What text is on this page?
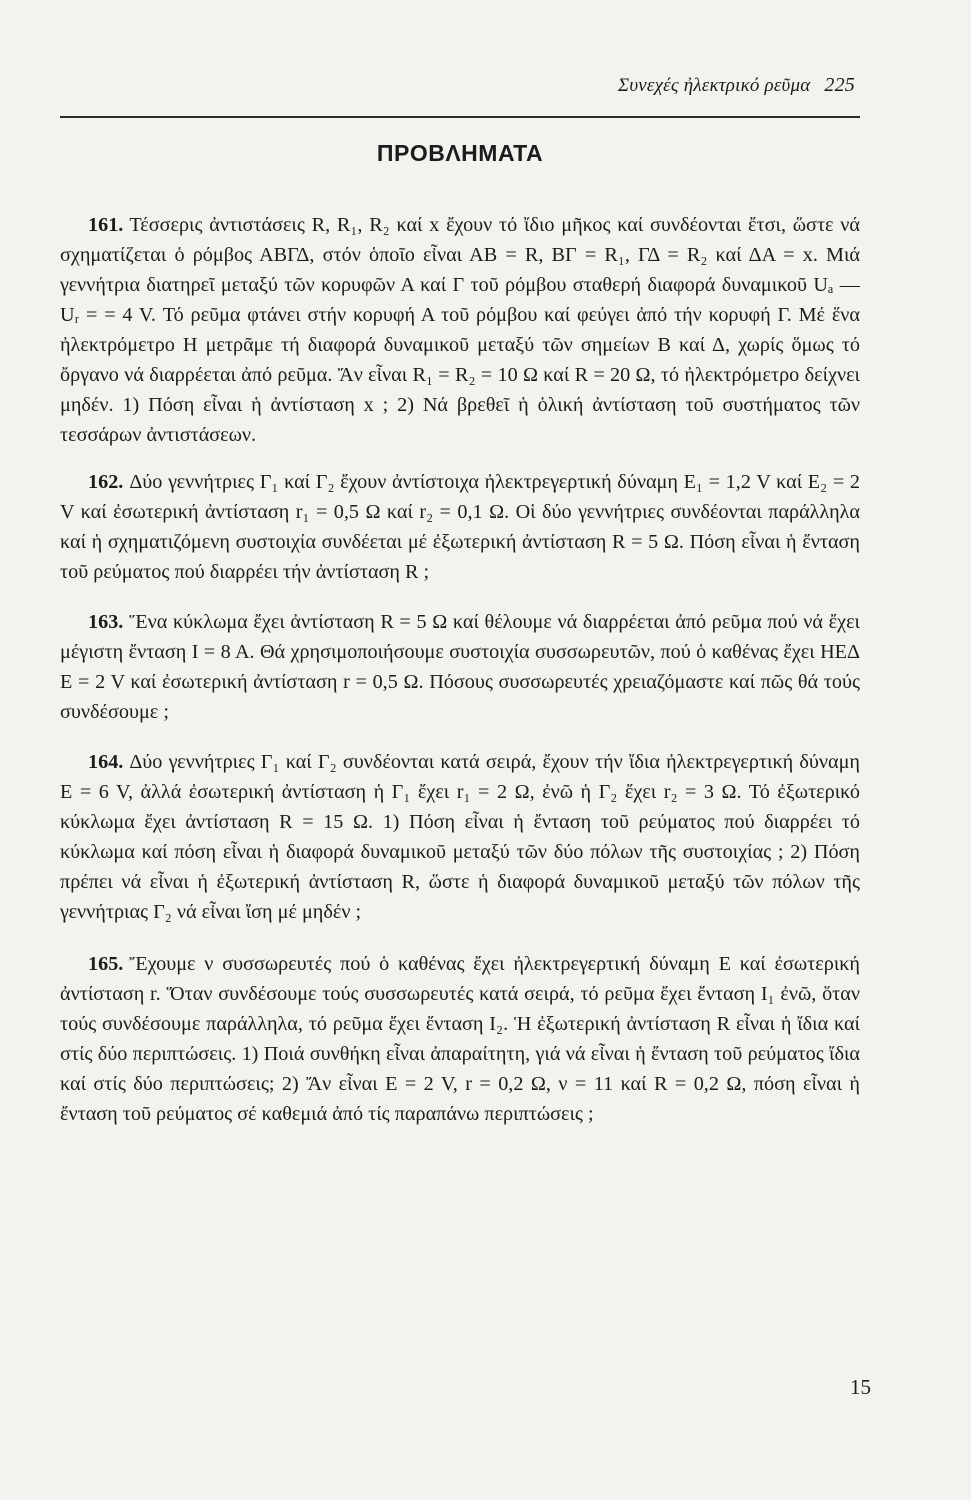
Συνεχές ἠλεκτρικό ρεῦμα 225
ΠΡΟΒΛΗΜΑΤΑ

161. Τέσσερις ἀντιστάσεις R, R₁, R₂ καί x ἔχουν τό ἴδιο μῆκος καί συνδέονται ἔτσι, ὥστε νά σχηματίζεται ὁ ρόμβος ΑΒΓΔ, στόν ὁποῖο εἶναι ΑΒ = R, ΒΓ = R₁, ΓΔ = R₂ καί ΔΑ = x. Μιά γεννήτρια διατηρεῖ μεταξύ τῶν κορυφῶν Α καί Γ τοῦ ρόμβου σταθερή διαφορά δυναμικοῦ Uₐ — Uᵣ = = 4 V. Τό ρεῦμα φτάνει στήν κορυφή Α τοῦ ρόμβου καί φεύγει ἀπό τήν κορυφή Γ. Μέ ἕνα ἠλεκτρόμετρο Η μετρᾶμε τή διαφορά δυναμικοῦ μεταξύ τῶν σημείων Β καί Δ, χωρίς ὅμως τό ὄργανο νά διαρρέεται ἀπό ρεῦμα. Ἄν εἶναι R₁ = R₂ = 10 Ω καί R = 20 Ω, τό ἠλεκτρόμετρο δείχνει μηδέν. 1) Πόση εἶναι ἡ ἀντίσταση x ; 2) Νά βρεθεῖ ἡ ὁλική ἀντίσταση τοῦ συστήματος τῶν τεσσάρων ἀντιστάσεων.

162. Δύο γεννήτριες Γ₁ καί Γ₂ ἔχουν ἀντίστοιχα ἠλεκτρεγερτική δύναμη E₁ = 1,2 V καί E₂ = 2 V καί ἐσωτερική ἀντίσταση r₁ = 0,5 Ω καί r₂ = 0,1 Ω. Οἱ δύο γεννήτριες συνδέονται παράλληλα καί ἡ σχηματιζόμενη συστοιχία συνδέεται μέ ἐξωτερική ἀντίσταση R = 5 Ω. Πόση εἶναι ἡ ἔνταση τοῦ ρεύματος πού διαρρέει τήν ἀντίσταση R ;

163. Ἕνα κύκλωμα ἔχει ἀντίσταση R = 5 Ω καί θέλουμε νά διαρρέεται ἀπό ρεῦμα πού νά ἔχει μέγιστη ἔνταση I = 8 A. Θά χρησιμοποιήσουμε συστοιχία συσσωρευτῶν, πού ὁ καθένας ἔχει ΗΕΔ E = 2 V καί ἐσωτερική ἀντίσταση r = 0,5 Ω. Πόσους συσσωρευτές χρειαζόμαστε καί πῶς θά τούς συνδέσουμε ;

164. Δύο γεννήτριες Γ₁ καί Γ₂ συνδέονται κατά σειρά, ἔχουν τήν ἴδια ἠλεκτρεγερτική δύναμη E = 6 V, ἀλλά ἐσωτερική ἀντίσταση ἡ Γ₁ ἔχει r₁ = 2 Ω, ἐνῶ ἡ Γ₂ ἔχει r₂ = 3 Ω. Τό ἐξωτερικό κύκλωμα ἔχει ἀντίσταση R = 15 Ω. 1) Πόση εἶναι ἡ ἔνταση τοῦ ρεύματος πού διαρρέει τό κύκλωμα καί πόση εἶναι ἡ διαφορά δυναμικοῦ μεταξύ τῶν δύο πόλων τῆς συστοιχίας ; 2) Πόση πρέπει νά εἶναι ἡ ἐξωτερική ἀντίσταση R, ὥστε ἡ διαφορά δυναμικοῦ μεταξύ τῶν πόλων τῆς γεννήτριας Γ₂ νά εἶναι ἴση μέ μηδέν ;

165. Ἔχουμε ν συσσωρευτές πού ὁ καθένας ἔχει ἠλεκτρεγερτική δύναμη E καί ἐσωτερική ἀντίσταση r. Ὅταν συνδέσουμε τούς συσσωρευτές κατά σειρά, τό ρεῦμα ἔχει ἔνταση I₁ ἐνῶ, ὅταν τούς συνδέσουμε παράλληλα, τό ρεῦμα ἔχει ἔνταση I₂. Ἡ ἐξωτερική ἀντίσταση R εἶναι ἡ ἴδια καί στίς δύο περιπτώσεις. 1) Ποιά συνθήκη εἶναι ἀπαραίτητη, γιά νά εἶναι ἡ ἔνταση τοῦ ρεύματος ἴδια καί στίς δύο περιπτώσεις; 2) Ἄν εἶναι E = 2 V, r = 0,2 Ω, ν = 11 καί R = 0,2 Ω, πόση εἶναι ἡ ἔνταση τοῦ ρεύματος σέ καθεμιά ἀπό τίς παραπάνω περιπτώσεις ;

15
